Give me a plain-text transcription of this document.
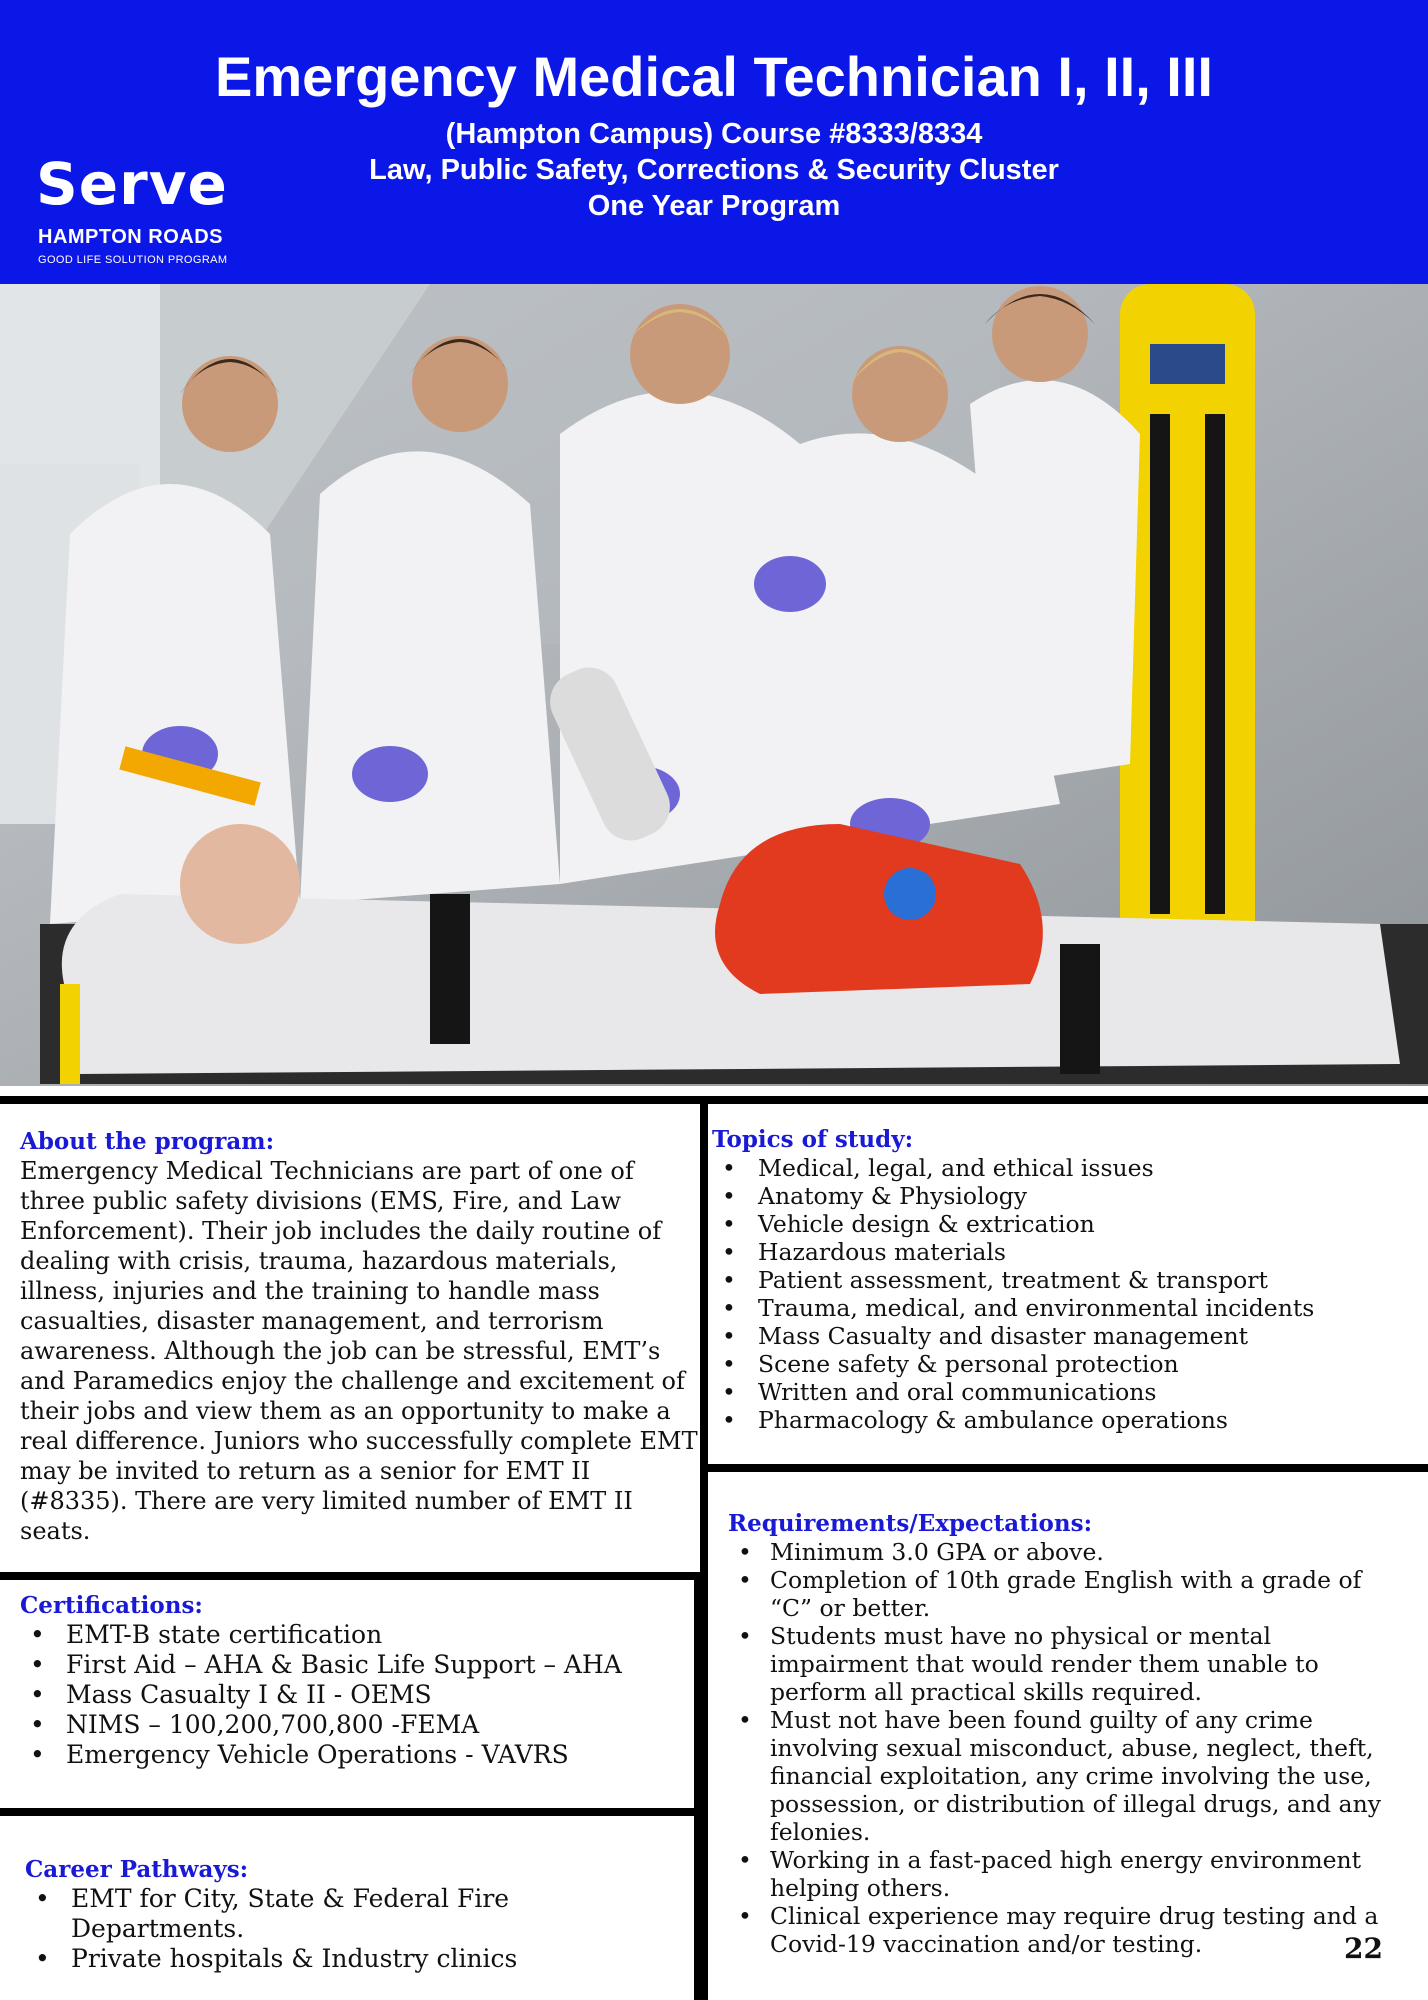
Emergency Medical Technician I, II, III
(Hampton Campus) Course #8333/8334
Law, Public Safety, Corrections & Security Cluster
One Year Program
Serve
HAMPTON ROADS
GOOD LIFE SOLUTION PROGRAM
About the program:

Emergency Medical Technicians are part of one of three public safety divisions (EMS, Fire, and Law Enforcement). Their job includes the daily routine of dealing with crisis, trauma, hazardous materials, illness, injuries and the training to handle mass casualties, disaster management, and terrorism awareness. Although the job can be stressful, EMT’s and Paramedics enjoy the challenge and excitement of their jobs and view them as an opportunity to make a real difference. Juniors who successfully complete EMT may be invited to return as a senior for EMT II (#8335). There are very limited number of EMT II seats.

Topics of study:
• Medical, legal, and ethical issues
• Anatomy & Physiology
• Vehicle design & extrication
• Hazardous materials
• Patient assessment, treatment & transport
• Trauma, medical, and environmental incidents
• Mass Casualty and disaster management
• Scene safety & personal protection
• Written and oral communications
• Pharmacology & ambulance operations
Certifications:
• EMT-B state certification
• First Aid – AHA & Basic Life Support – AHA
• Mass Casualty I & II - OEMS
• NIMS – 100,200,700,800 -FEMA
• Emergency Vehicle Operations - VAVRS
Requirements/Expectations:
• Minimum 3.0 GPA or above.
• Completion of 10th grade English with a grade of “C” or better.
• Students must have no physical or mental impairment that would render them unable to perform all practical skills required.
• Must not have been found guilty of any crime involving sexual misconduct, abuse, neglect, theft, financial exploitation, any crime involving the use, possession, or distribution of illegal drugs, and any felonies.
• Working in a fast-paced high energy environment helping others.
• Clinical experience may require drug testing and a Covid-19 vaccination and/or testing.
Career Pathways:
• EMT for City, State & Federal Fire Departments.
• Private hospitals & Industry clinics	22
